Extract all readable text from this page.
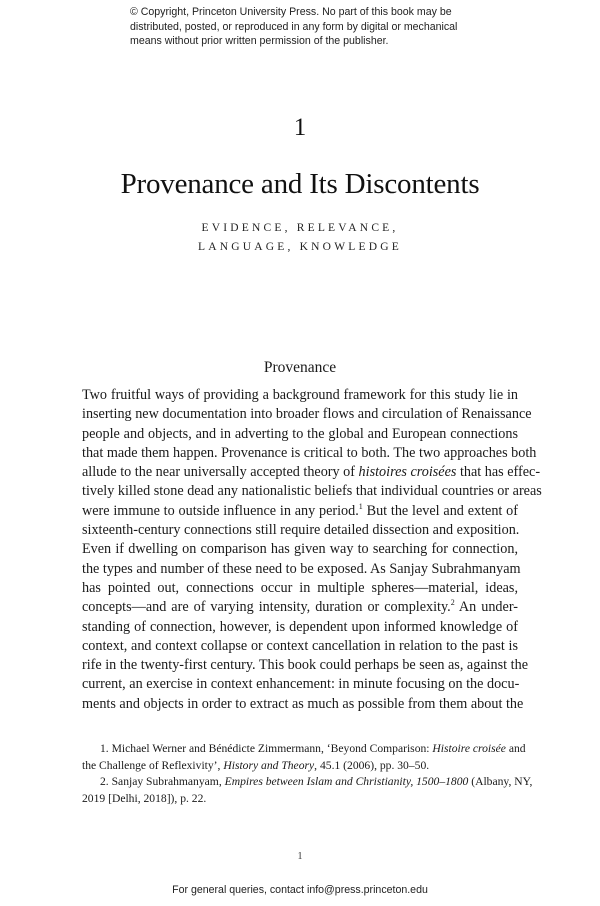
© Copyright, Princeton University Press. No part of this book may be
distributed, posted, or reproduced in any form by digital or mechanical
means without prior written permission of the publisher.
1
Provenance and Its Discontents
EVIDENCE, RELEVANCE,
LANGUAGE, KNOWLEDGE
Provenance
Two fruitful ways of providing a background framework for this study lie in
inserting new documentation into broader flows and circulation of Renaissance
people and objects, and in adverting to the global and European connections
that made them happen. Provenance is critical to both. The two approaches both
allude to the near universally accepted theory of histoires croisées that has effec-
tively killed stone dead any nationalistic beliefs that individual countries or areas
were immune to outside influence in any period.$^1$ But the level and extent of
sixteenth-century connections still require detailed dissection and exposition.
Even if dwelling on comparison has given way to searching for connection,
the types and number of these need to be exposed. As Sanjay Subrahmanyam
has pointed out, connections occur in multiple spheres—material, ideas,
concepts—and are of varying intensity, duration or complexity.$^2$ An under-
standing of connection, however, is dependent upon informed knowledge of
context, and context collapse or context cancellation in relation to the past is
rife in the twenty-first century. This book could perhaps be seen as, against the
current, an exercise in context enhancement: in minute focusing on the docu-
ments and objects in order to extract as much as possible from them about the
1. Michael Werner and Bénédicte Zimmermann, ‘Beyond Comparison: Histoire croisée and
the Challenge of Reflexivity’, History and Theory, 45.1 (2006), pp. 30–50.
2. Sanjay Subrahmanyam, Empires between Islam and Christianity, 1500–1800 (Albany, NY,
2019 [Delhi, 2018]), p. 22.
1
For general queries, contact info@press.princeton.edu
